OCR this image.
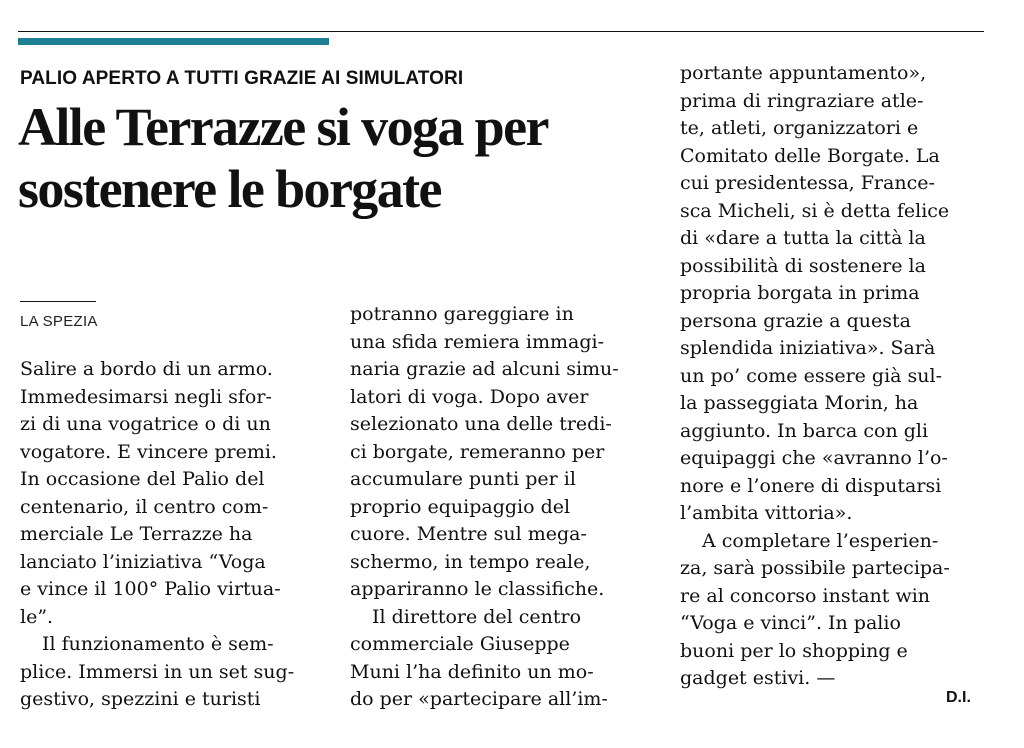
PALIO APERTO A TUTTI GRAZIE AI SIMULATORI
Alle Terrazze si voga per sostenere le borgate
LA SPEZIA
Salire a bordo di un armo.
Immedesimarsi negli sfor-
zi di una vogatrice o di un
vogatore. E vincere premi.
In occasione del Palio del
centenario, il centro com-
merciale Le Terrazze ha
lanciato l’iniziativa “Voga
e vince il 100° Palio virtua-
le”.
Il funzionamento è sem-
plice. Immersi in un set sug-
gestivo, spezzini e turisti
potranno gareggiare in
una sfida remiera immagi-
naria grazie ad alcuni simu-
latori di voga. Dopo aver
selezionato una delle tredi-
ci borgate, remeranno per
accumulare punti per il
proprio equipaggio del
cuore. Mentre sul mega-
schermo, in tempo reale,
appariranno le classifiche.
Il direttore del centro
commerciale Giuseppe
Muni l’ha definito un mo-
do per «partecipare all’im-
portante appuntamento»,
prima di ringraziare atle-
te, atleti, organizzatori e
Comitato delle Borgate. La
cui presidentessa, France-
sca Micheli, si è detta felice
di «dare a tutta la città la
possibilità di sostenere la
propria borgata in prima
persona grazie a questa
splendida iniziativa». Sarà
un po’ come essere già sul-
la passeggiata Morin, ha
aggiunto. In barca con gli
equipaggi che «avranno l’o-
nore e l’onere di disputarsi
l’ambita vittoria».
A completare l’esperien-
za, sarà possibile partecipa-
re al concorso instant win
“Voga e vinci”. In palio
buoni per lo shopping e
gadget estivi. —
D.I.
